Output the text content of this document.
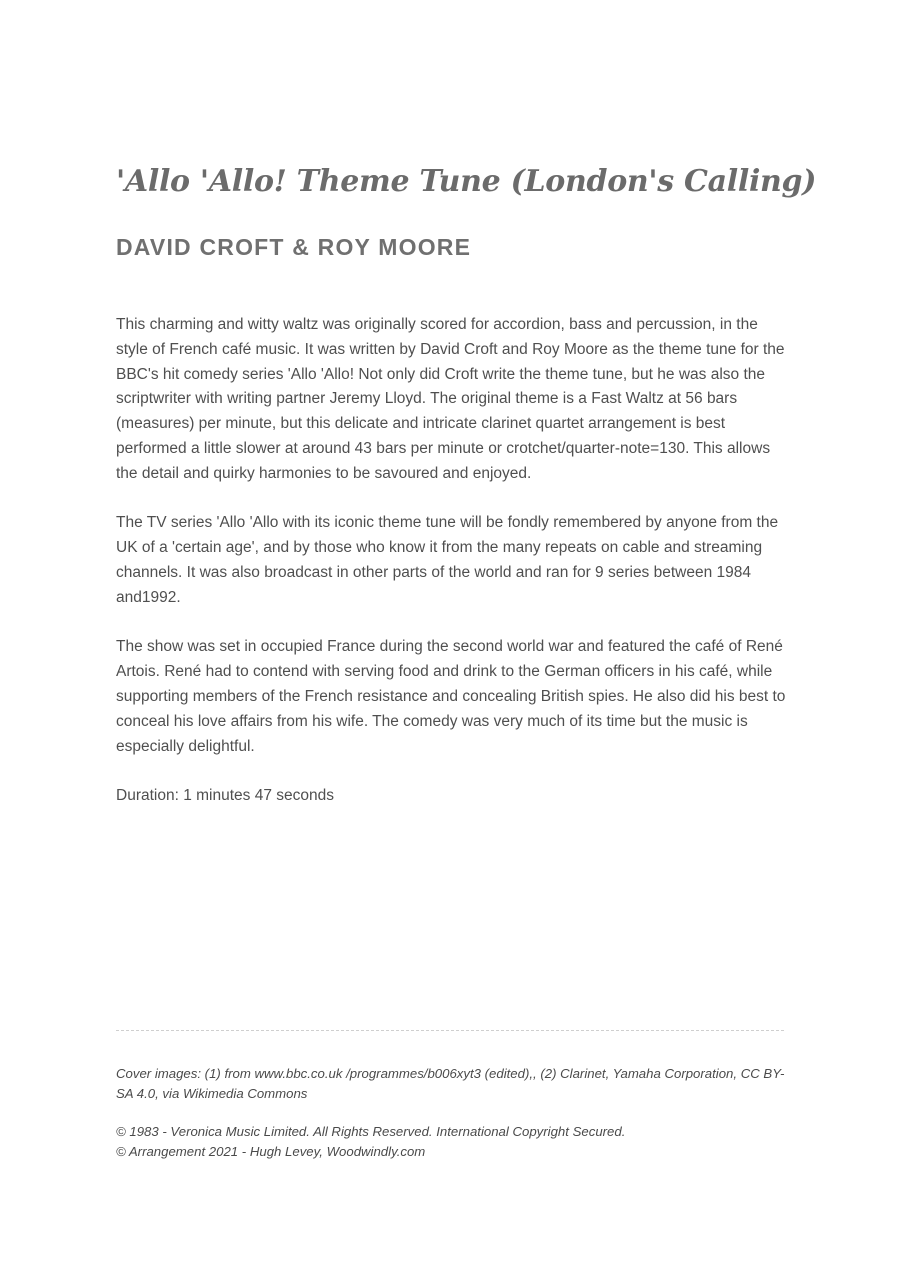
'Allo 'Allo! Theme Tune (London's Calling)
DAVID CROFT & ROY MOORE

This charming and witty waltz was originally scored for accordion, bass and percussion, in the style of French café music. It was written by David Croft and Roy Moore as the theme tune for the BBC's hit comedy series 'Allo 'Allo! Not only did Croft write the theme tune, but he was also the scriptwriter with writing partner Jeremy Lloyd. The original theme is a Fast Waltz at 56 bars (measures) per minute, but this delicate and intricate clarinet quartet arrangement is best performed a little slower at around 43 bars per minute or crotchet/quarter-note=130. This allows the detail and quirky harmonies to be savoured and enjoyed.

The TV series 'Allo 'Allo with its iconic theme tune will be fondly remembered by anyone from the UK of a 'certain age', and by those who know it from the many repeats on cable and streaming channels. It was also broadcast in other parts of the world and ran for 9 series between 1984 and1992.

The show was set in occupied France during the second world war and featured the café of René Artois. René had to contend with serving food and drink to the German officers in his café, while supporting members of the French resistance and concealing British spies. He also did his best to conceal his love affairs from his wife. The comedy was very much of its time but the music is especially delightful.

Duration: 1 minutes 47 seconds

Cover images: (1) from www.bbc.co.uk /programmes/b006xyt3 (edited),, (2) Clarinet, Yamaha Corporation, CC BY-SA 4.0, via Wikimedia Commons

© 1983 - Veronica Music Limited. All Rights Reserved. International Copyright Secured.

© Arrangement 2021 - Hugh Levey, Woodwindly.com
